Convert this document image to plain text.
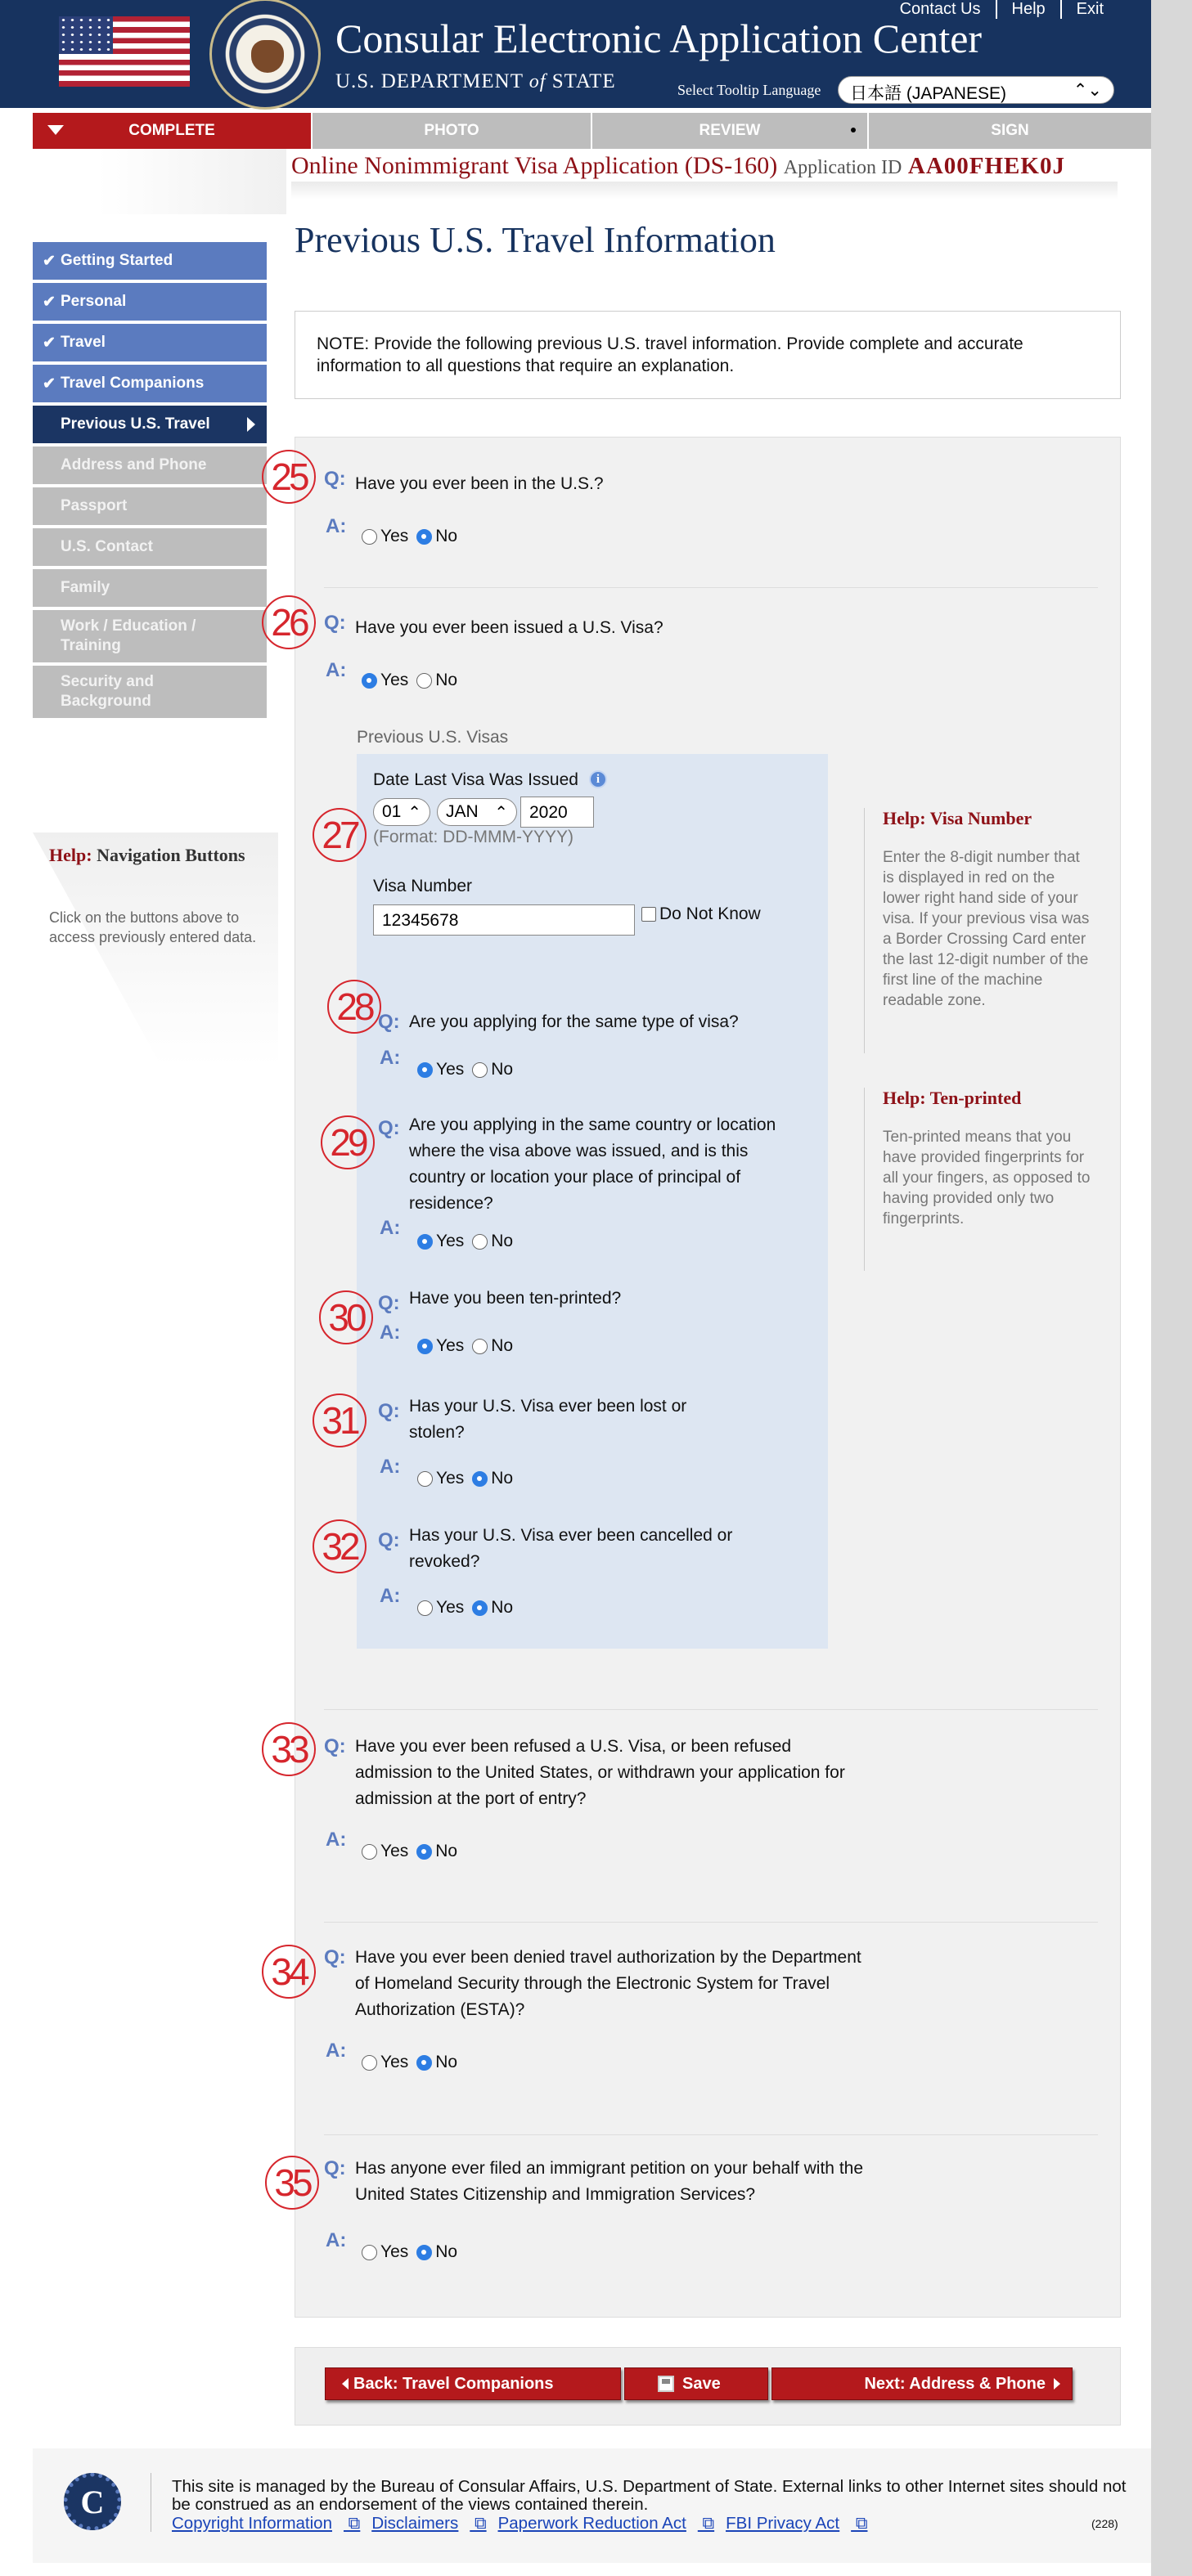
Consular Electronic Application Center
U.S. DEPARTMENT of STATE
Contact Us	Help	Exit
Select Tooltip Language	日本語 (JAPANESE)	⌃⌄
COMPLETE	PHOTO	REVIEW	SIGN
Online Nonimmigrant Visa Application (DS-160) Application ID AA00FHEK0J
Previous U.S. Travel Information
✔ Getting Started
✔ Personal
✔ Travel
✔ Travel Companions
Previous U.S. Travel
Address and Phone
Passport
U.S. Contact
Family
Work / Education / Training
Security and Background
Help: Navigation Buttons
Click on the buttons above to access previously entered data.
NOTE: Provide the following previous U.S. travel information. Provide complete and accurate information to all questions that require an explanation.
25 Q: Have you ever been in the U.S.?
A: Yes No
26 Q: Have you ever been issued a U.S. Visa?
A: Yes No
Previous U.S. Visas
Date Last Visa Was Issued	i
01 ⌃	JAN ⌃	2020
27 (Format: DD-MMM-YYYY)
Visa Number
12345678	Do Not Know
Help: Visa Number
Enter the 8-digit number that is displayed in red on the lower right hand side of your visa. If your previous visa was a Border Crossing Card enter the last 12-digit number of the first line of the machine readable zone.
Help: Ten-printed
Ten-printed means that you have provided fingerprints for all your fingers, as opposed to having provided only two fingerprints.
28 Q: Are you applying for the same type of visa?
A:
Yes No
29 Q: Are you applying in the same country or location where the visa above was issued, and is this country or location your place of principal of residence?
A:
Yes No
30 Q: Have you been ten-printed?
A:
Yes No
31	Q: Has your U.S. Visa ever been lost or stolen?
A:
Yes No
32	Q: Has your U.S. Visa ever been cancelled or revoked?
A:
Yes No
33 Q: Have you ever been refused a U.S. Visa, or been refused admission to the United States, or withdrawn your application for admission at the port of entry?
A:
Yes No
34 Q: Have you ever been denied travel authorization by the Department of Homeland Security through the Electronic System for Travel Authorization (ESTA)?
A:
Yes No
35 Q: Has anyone ever filed an immigrant petition on your behalf with the United States Citizenship and Immigration Services?
A:
Yes No
Back: Travel Companions	Save	Next: Address & Phone
C	This site is managed by the Bureau of Consular Affairs, U.S. Department of State. External links to other Internet sites should not be construed as an endorsement of the views contained therein.
Copyright Information ⧉ Disclaimers ⧉ Paperwork Reduction Act ⧉ FBI Privacy Act ⧉	(228)
